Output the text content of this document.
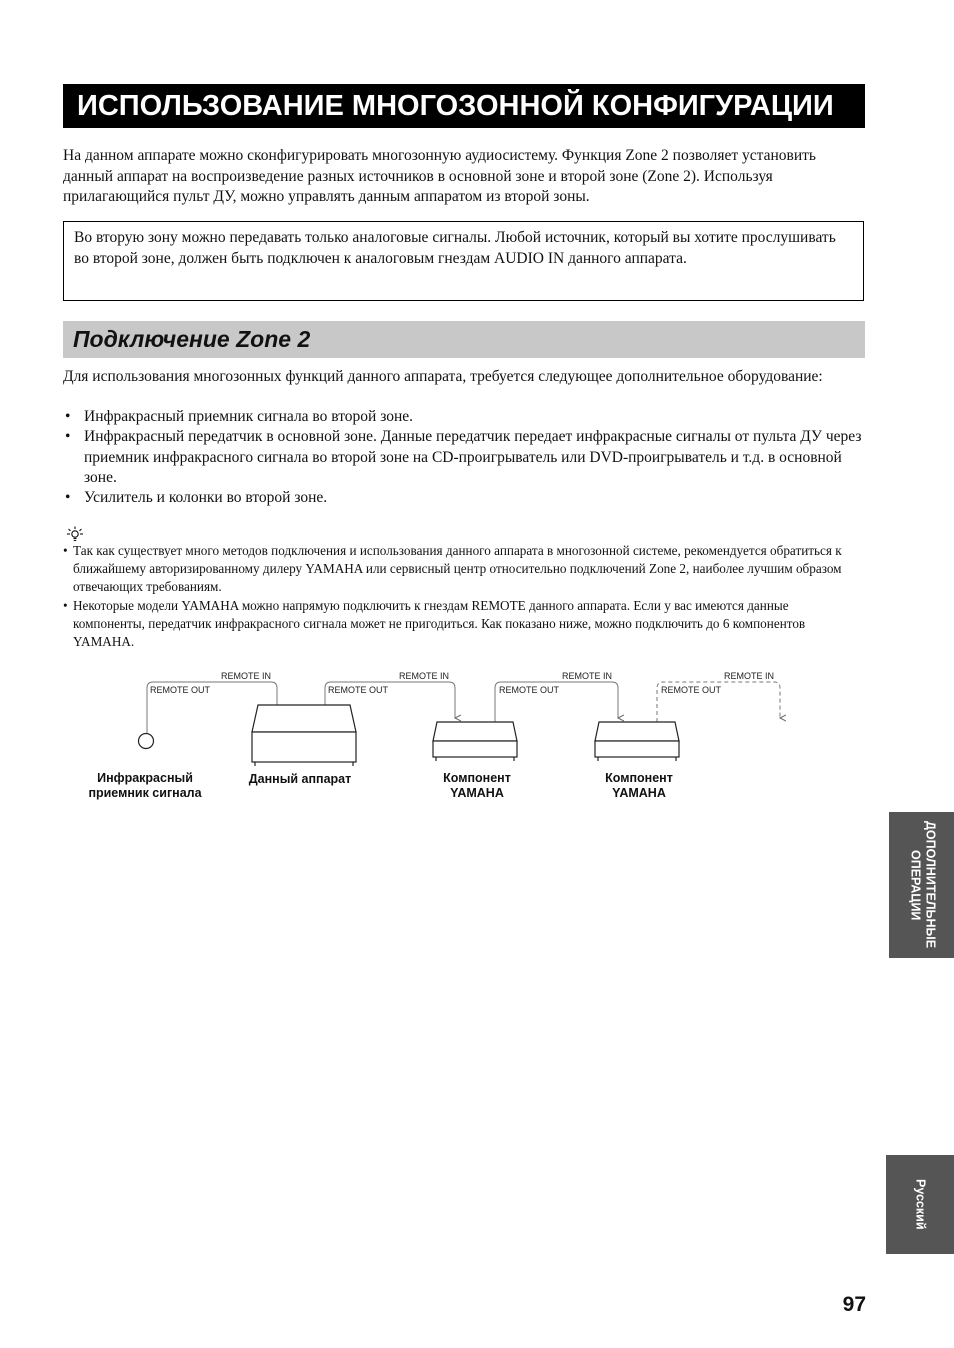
ИСПОЛЬЗОВАНИЕ МНОГОЗОННОЙ КОНФИГУРАЦИИ

На данном аппарате можно сконфигурировать многозонную аудиосистему. Функция Zone 2 позволяет установить данный аппарат на воспроизведение разных источников в основной зоне и второй зоне (Zone 2). Используя прилагающийся пульт ДУ, можно управлять данным аппаратом из второй зоны.

Во вторую зону можно передавать только аналоговые сигналы. Любой источник, который вы хотите прослушивать во второй зоне, должен быть подключен к аналоговым гнездам AUDIO IN данного аппарата.
Подключение Zone 2

Для использования многозонных функций данного аппарата, требуется следующее дополнительное оборудование:

• Инфракрасный приемник сигнала во второй зоне.
• Инфракрасный передатчик в основной зоне. Данные передатчик передает инфракрасные сигналы от пульта ДУ через приемник инфракрасного сигнала во второй зоне на CD-проигрыватель или DVD-проигрыватель и т.д. в основной зоне.
• Усилитель и колонки во второй зоне.
• Так как существует много методов подключения и использования данного аппарата в многозонной системе, рекомендуется обратиться к ближайшему авторизированному дилеру YAMAHA или сервисный центр относительно подключений Zone 2, наиболее лучшим образом отвечающих требованиям.
• Некоторые модели YAMAHA можно напрямую подключить к гнездам REMOTE данного аппарата. Если у вас имеются данные компоненты, передатчик инфракрасного сигнала может не пригодиться. Как показано ниже, можно подключить до 6 компонентов YAMAHA.
REMOTE IN	REMOTE IN	REMOTE IN	REMOTE IN
REMOTE OUT	REMOTE OUT	REMOTE OUT	REMOTE OUT
Инфракрасный
приемник сигнала
Данный аппарат	Компонент
YAMAHA
Компонент
YAMAHA
ДОПОЛНИТЕЛЬНЫЕ ОПЕРАЦИИ
Русский
97
